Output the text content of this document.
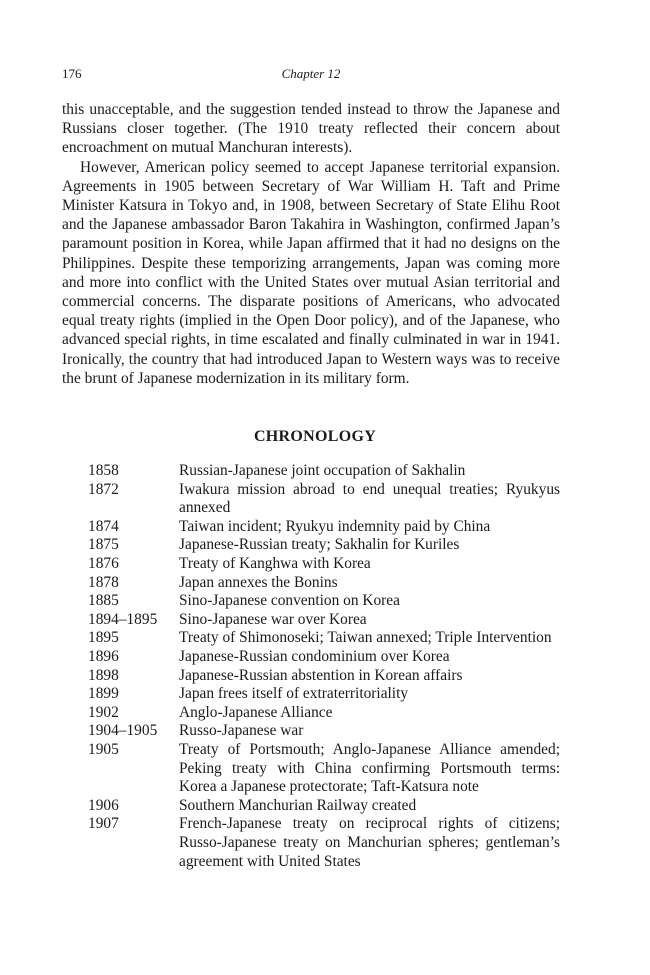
176	Chapter 12

this unacceptable, and the suggestion tended instead to throw the Japanese and Russians closer together. (The 1910 treaty reflected their concern about encroachment on mutual Manchuran interests).

However, American policy seemed to accept Japanese territorial expansion. Agreements in 1905 between Secretary of War William H. Taft and Prime Minister Katsura in Tokyo and, in 1908, between Secretary of State Elihu Root and the Japanese ambassador Baron Takahira in Washington, confirmed Japan’s paramount position in Korea, while Japan affirmed that it had no designs on the Philippines. Despite these temporizing arrangements, Japan was coming more and more into conflict with the United States over mutual Asian territorial and commercial concerns. The disparate positions of Americans, who advocated equal treaty rights (implied in the Open Door policy), and of the Japanese, who advanced special rights, in time escalated and finally culminated in war in 1941. Ironically, the country that had introduced Japan to Western ways was to receive the brunt of Japanese modernization in its military form.

CHRONOLOGY
1858	Russian-Japanese joint occupation of Sakhalin
1872	Iwakura mission abroad to end unequal treaties; Ryukyus annexed
1874	Taiwan incident; Ryukyu indemnity paid by China
1875	Japanese-Russian treaty; Sakhalin for Kuriles
1876	Treaty of Kanghwa with Korea
1878	Japan annexes the Bonins
1885	Sino-Japanese convention on Korea
1894–1895	Sino-Japanese war over Korea
1895	Treaty of Shimonoseki; Taiwan annexed; Triple Intervention
1896	Japanese-Russian condominium over Korea
1898	Japanese-Russian abstention in Korean affairs
1899	Japan frees itself of extraterritoriality
1902	Anglo-Japanese Alliance
1904–1905	Russo-Japanese war
1905	Treaty of Portsmouth; Anglo-Japanese Alliance amended; Peking treaty with China confirming Portsmouth terms: Korea a Japanese protectorate; Taft-Katsura note
1906	Southern Manchurian Railway created
1907	French-Japanese treaty on reciprocal rights of citizens; Russo-Japanese treaty on Manchurian spheres; gentleman’s agreement with United States
